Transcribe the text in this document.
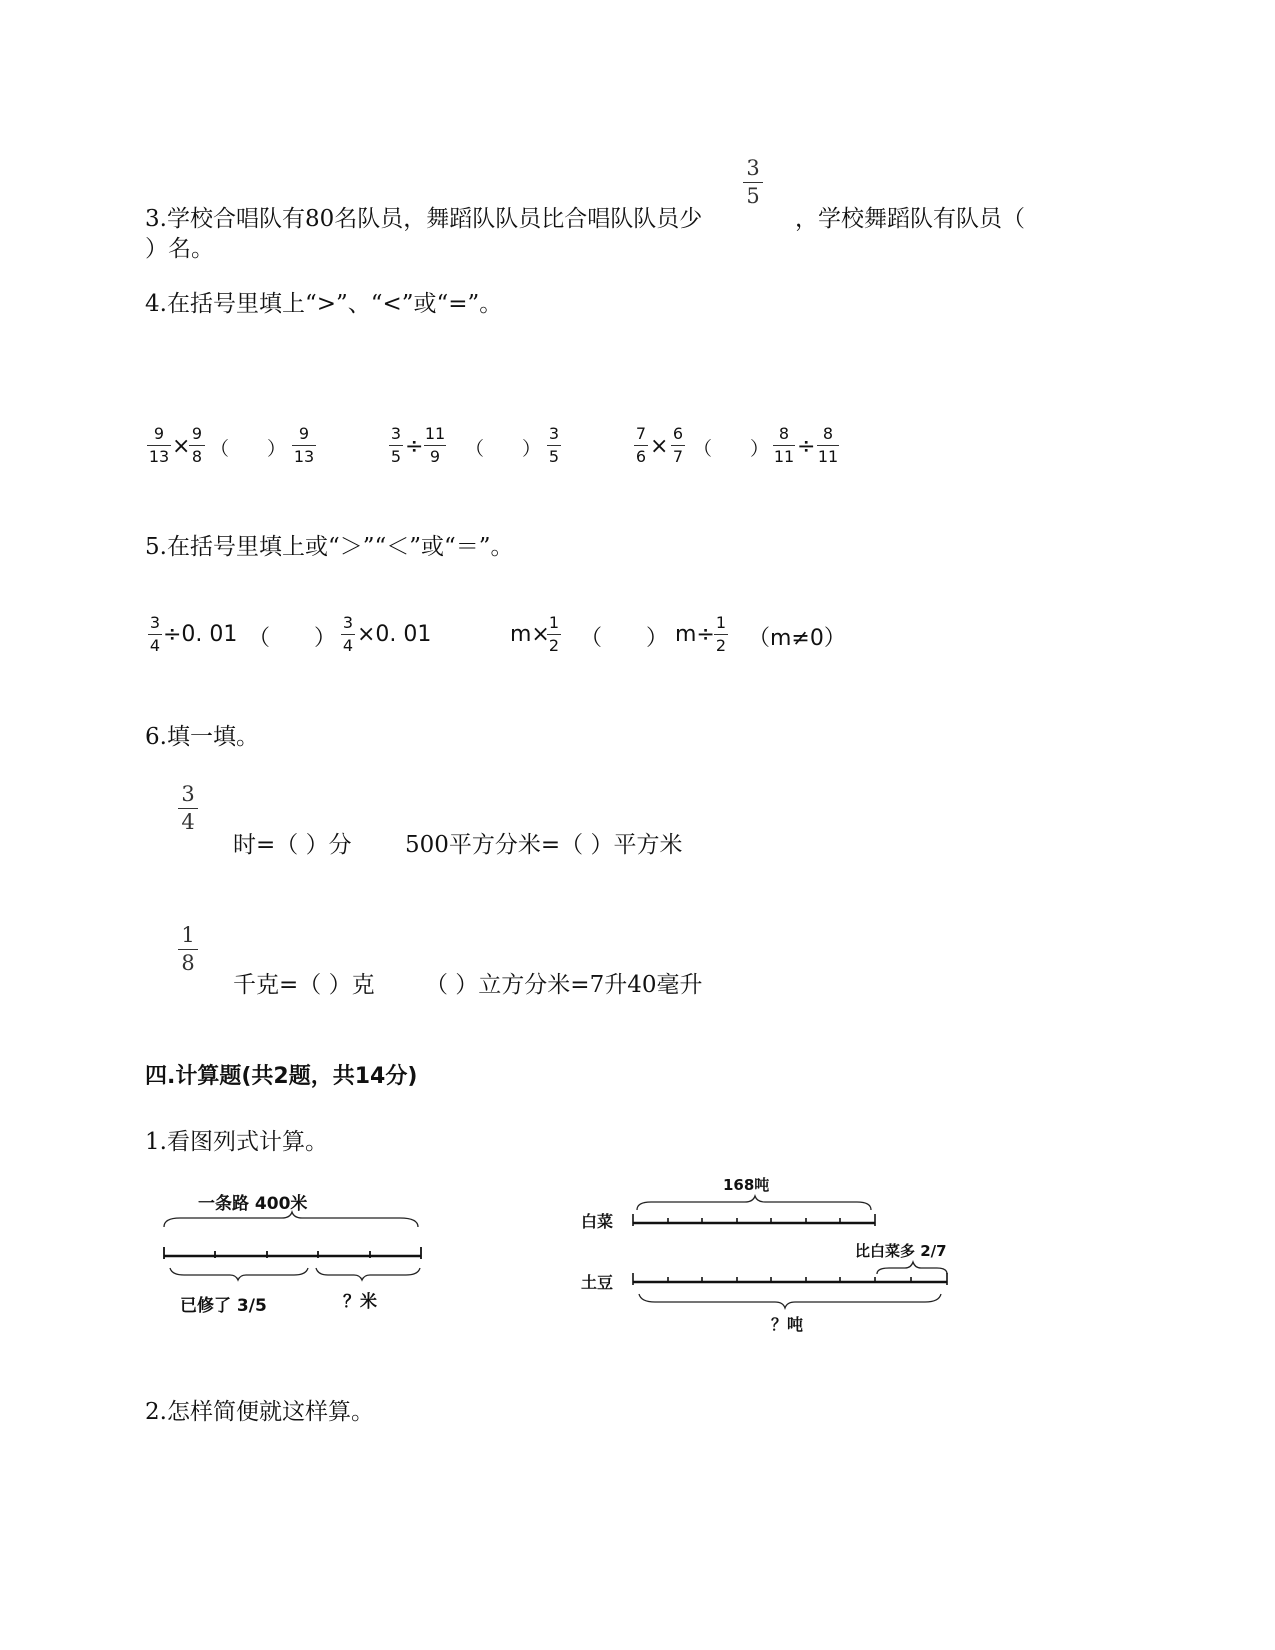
3.学校合唱队有80名队员，舞蹈队队员比合唱队队员少
3
5
，学校舞蹈队有队员（
）名。
4.在括号里填上“>”、“<”或“=”。
9
13 ×
9
8 （　　）
9
13
3
5 ÷
11
9	（　　）
3
5
7
6 ×
6
7 （　　）
8
11 ÷
8
11
5.在括号里填上或“＞”“＜”或“＝”。
3
4 ÷0. 01 （　　）
3
4 ×0. 01	m× 1
2 （　　） m÷ 1
2 （m≠0）
6.填一填。
3
4
时=（ ）分 500平方分米=（ ）平方米
1
8
千克=（ ）克 （ ）立方分米=7升40毫升
四.计算题(共2题，共14分)
1.看图列式计算。
一条路 400米
已修了 3/5	？米
168吨
白菜
比白菜多 2/7
土豆
？吨
2.怎样简便就这样算。
